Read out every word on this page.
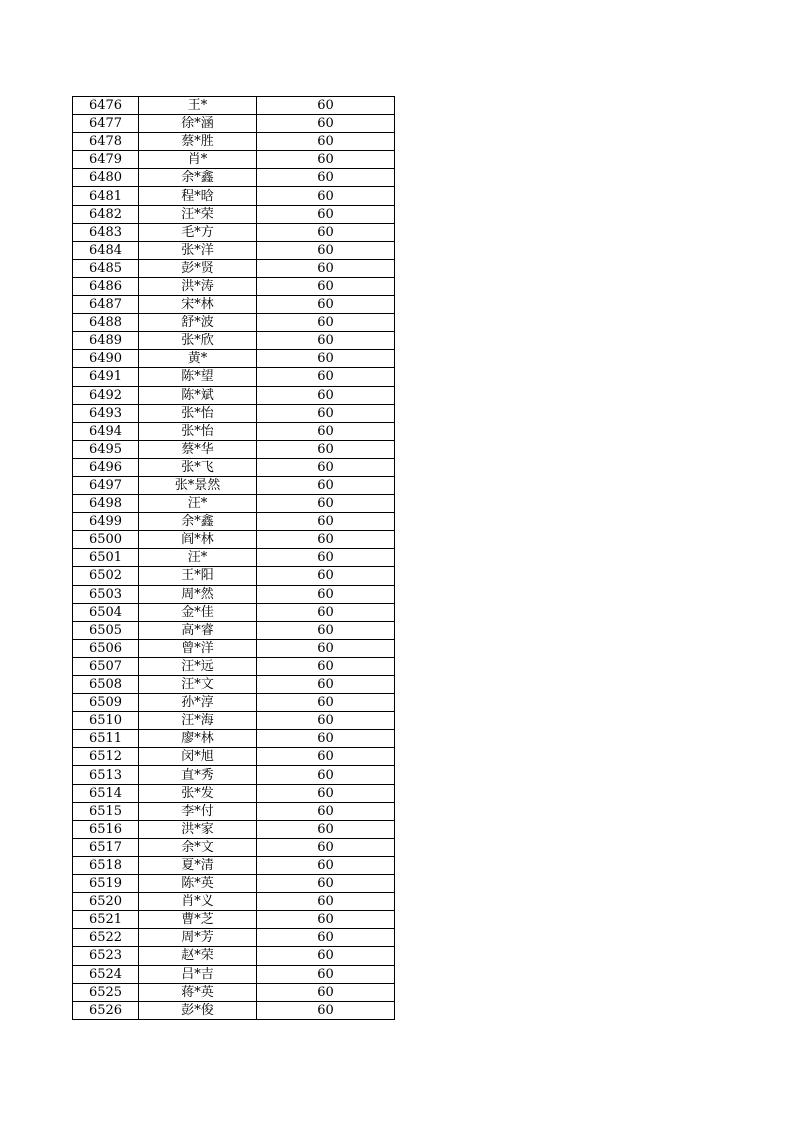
6476	王*	60
6477	徐*涵	60
6478	蔡*胜	60
6479	肖*	60
6480	余*鑫	60
6481	程*晗	60
6482	汪*荣	60
6483	毛*方	60
6484	张*洋	60
6485	彭*贤	60
6486	洪*涛	60
6487	宋*林	60
6488	舒*波	60
6489	张*欣	60
6490	黄*	60
6491	陈*望	60
6492	陈*斌	60
6493	张*怡	60
6494	张*怡	60
6495	蔡*华	60
6496	张*飞	60
6497	张*景然	60
6498	汪*	60
6499	余*鑫	60
6500	阎*林	60
6501	汪*	60
6502	王*阳	60
6503	周*然	60
6504	金*佳	60
6505	高*睿	60
6506	曾*洋	60
6507	汪*远	60
6508	汪*文	60
6509	孙*淳	60
6510	汪*海	60
6511	廖*林	60
6512	闵*旭	60
6513	直*秀	60
6514	张*发	60
6515	李*付	60
6516	洪*家	60
6517	余*文	60
6518	夏*清	60
6519	陈*英	60
6520	肖*义	60
6521	曹*芝	60
6522	周*芳	60
6523	赵*荣	60
6524	吕*吉	60
6525	蒋*英	60
6526	彭*俊	60
